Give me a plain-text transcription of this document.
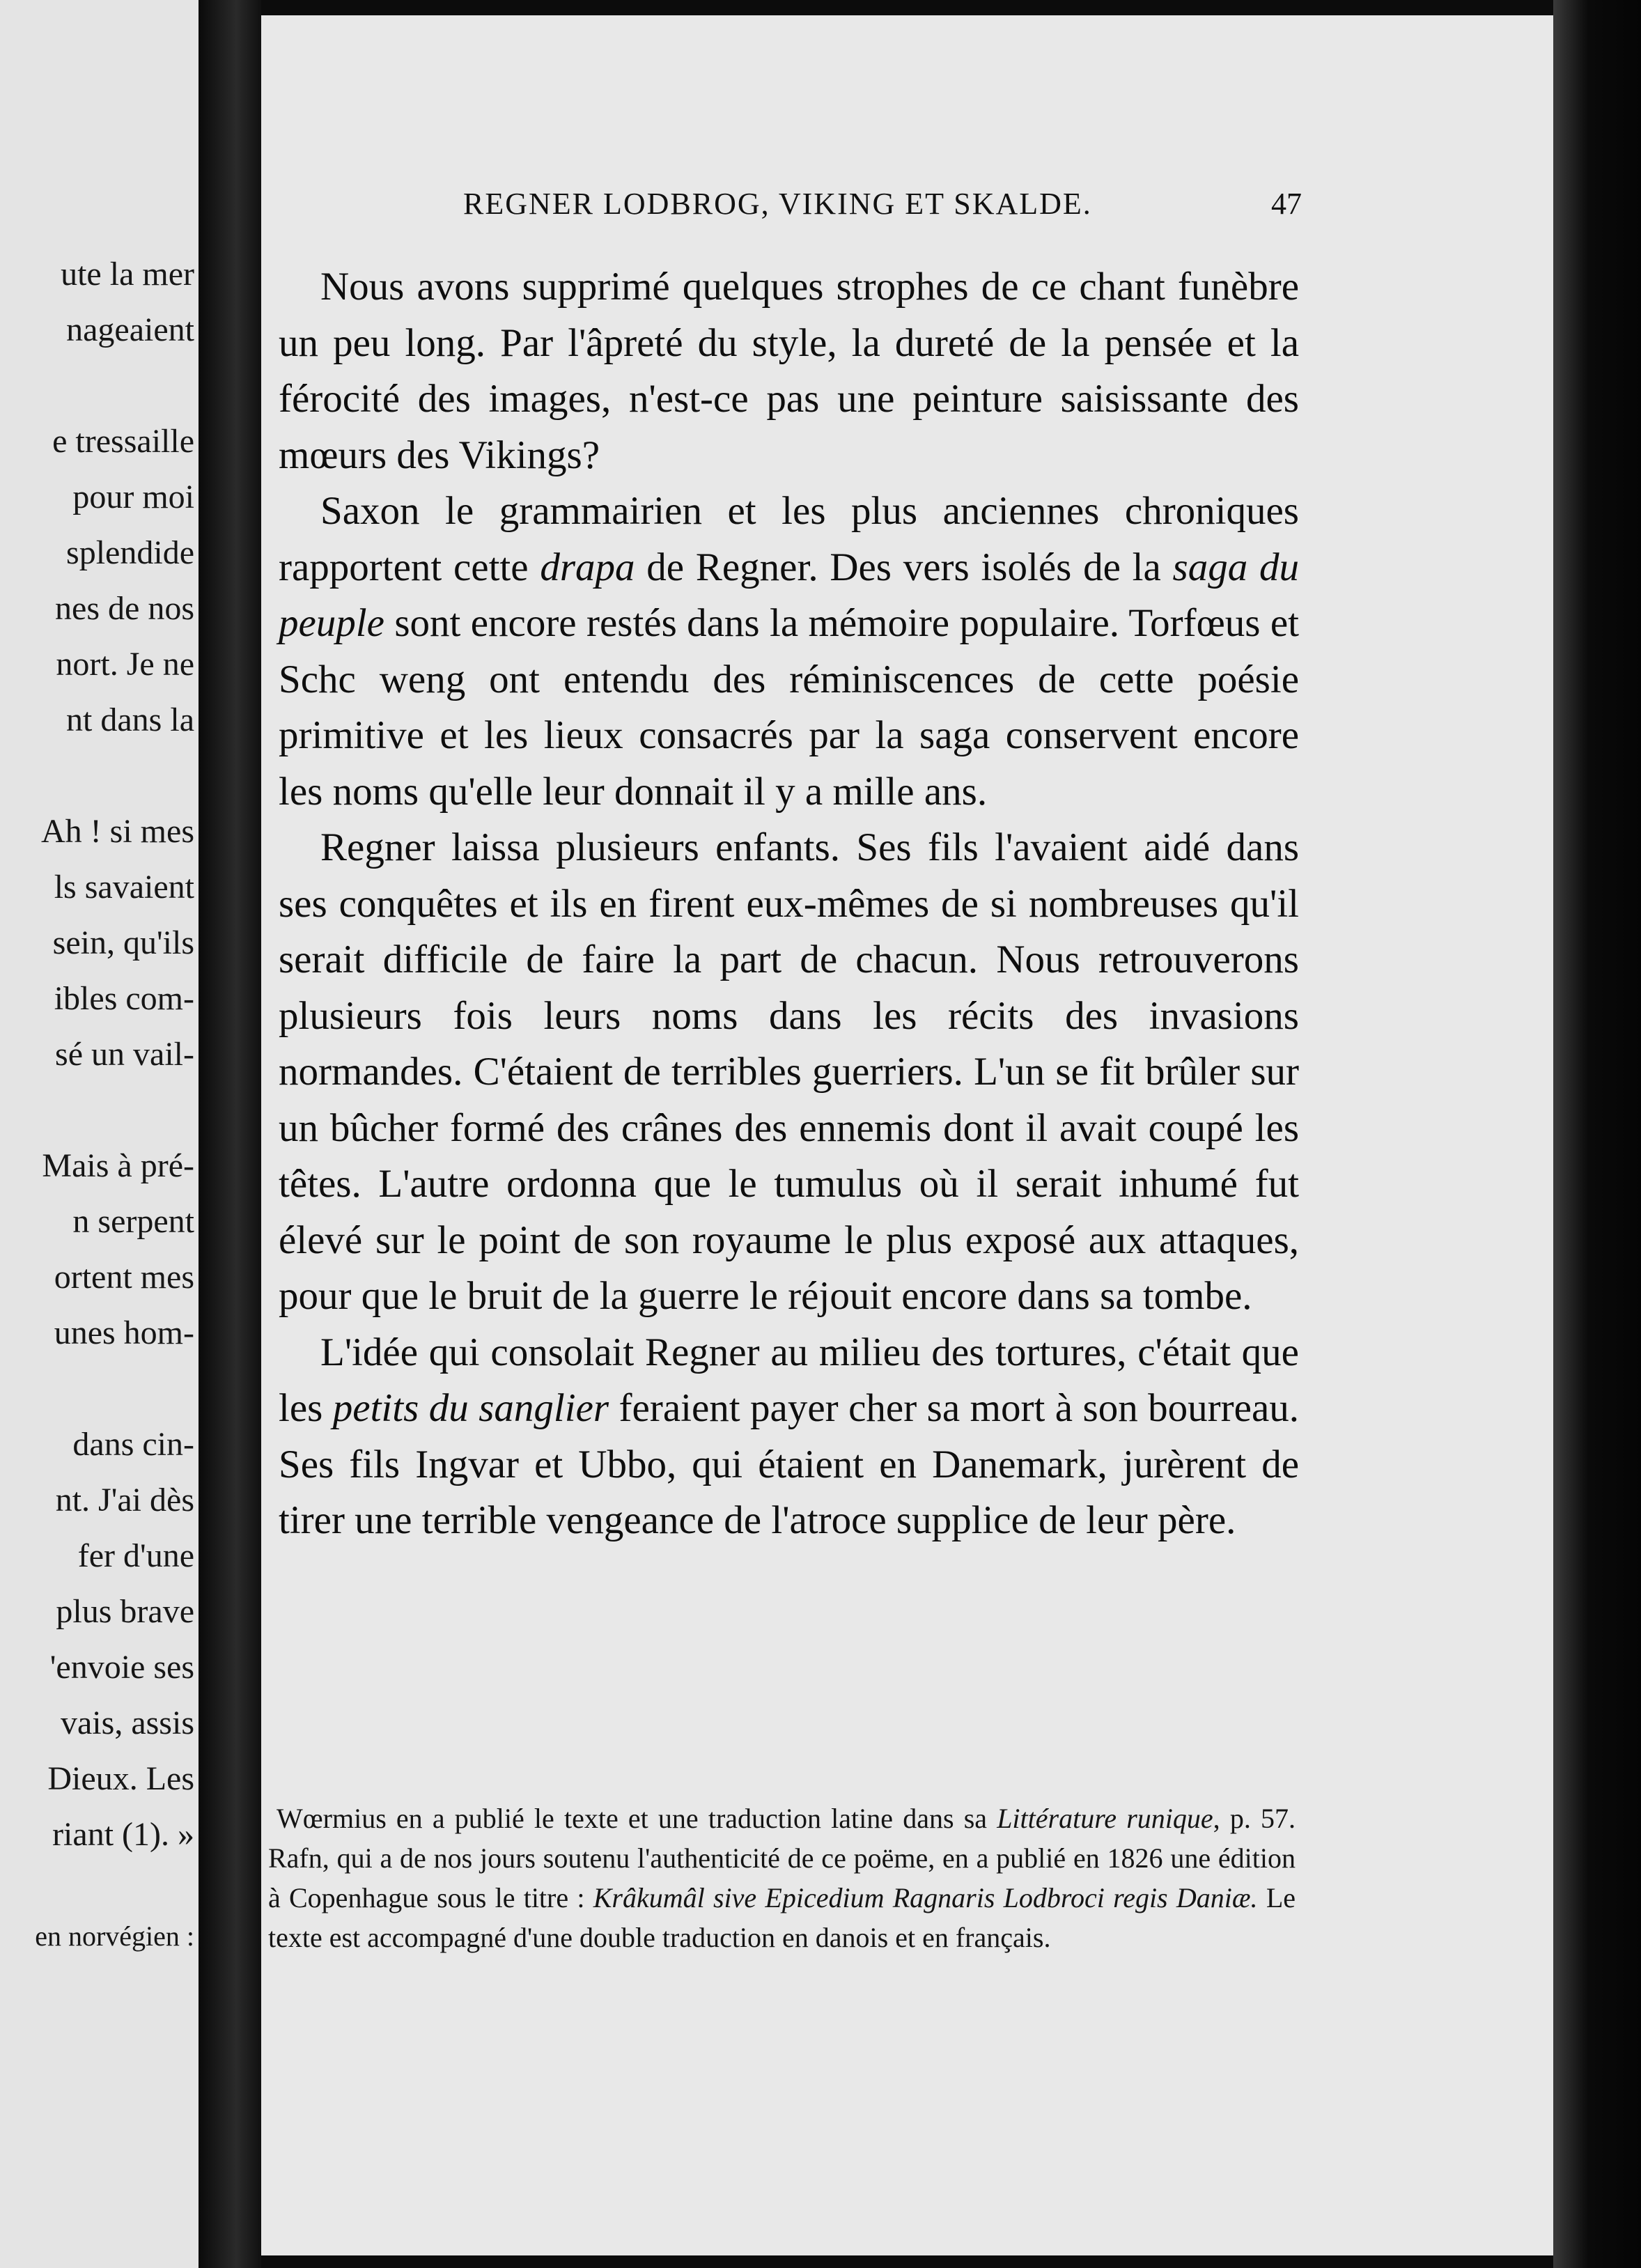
ute la mer
nageaient
e tressaille
pour moi
splendide
nes de nos
nort. Je ne
nt dans la
Ah ! si mes
ls savaient
sein, qu'ils
ibles com-
sé un vail-
Mais à pré-
n serpent
ortent mes
unes hom-
dans cin-
nt. J'ai dès
fer d'une
plus brave
'envoie ses
vais, assis
Dieux. Les
riant (1). »
en norvégien :
REGNER LODBROG, VIKING ET SKALDE.	47

Nous avons supprimé quelques strophes de ce chant funèbre un peu long. Par l'âpreté du style, la dureté de la pensée et la férocité des images, n'est-ce pas une peinture saisissante des mœurs des Vikings?

Saxon le grammairien et les plus anciennes chroniques rapportent cette drapa de Regner. Des vers isolés de la saga du peuple sont encore restés dans la mémoire populaire. Torfœus et Schc weng ont entendu des réminiscences de cette poésie primitive et les lieux consacrés par la saga conservent encore les noms qu'elle leur donnait il y a mille ans.

Regner laissa plusieurs enfants. Ses fils l'avaient aidé dans ses conquêtes et ils en firent eux-mêmes de si nombreuses qu'il serait difficile de faire la part de chacun. Nous retrouverons plusieurs fois leurs noms dans les récits des invasions normandes. C'étaient de terribles guerriers. L'un se fit brûler sur un bûcher formé des crânes des ennemis dont il avait coupé les têtes. L'autre ordonna que le tumulus où il serait inhumé fut élevé sur le point de son royaume le plus exposé aux attaques, pour que le bruit de la guerre le réjouit encore dans sa tombe.

L'idée qui consolait Regner au milieu des tortures, c'était que les petits du sanglier feraient payer cher sa mort à son bourreau. Ses fils Ingvar et Ubbo, qui étaient en Danemark, jurèrent de tirer une terrible vengeance de l'atroce supplice de leur père.

Wœrmius en a publié le texte et une traduction latine dans sa Littérature runique, p. 57. Rafn, qui a de nos jours soutenu l'authenticité de ce poëme, en a publié en 1826 une édition à Copenhague sous le titre : Krâkumâl sive Epicedium Ragnaris Lodbroci regis Daniæ. Le texte est accompagné d'une double traduction en danois et en français.
